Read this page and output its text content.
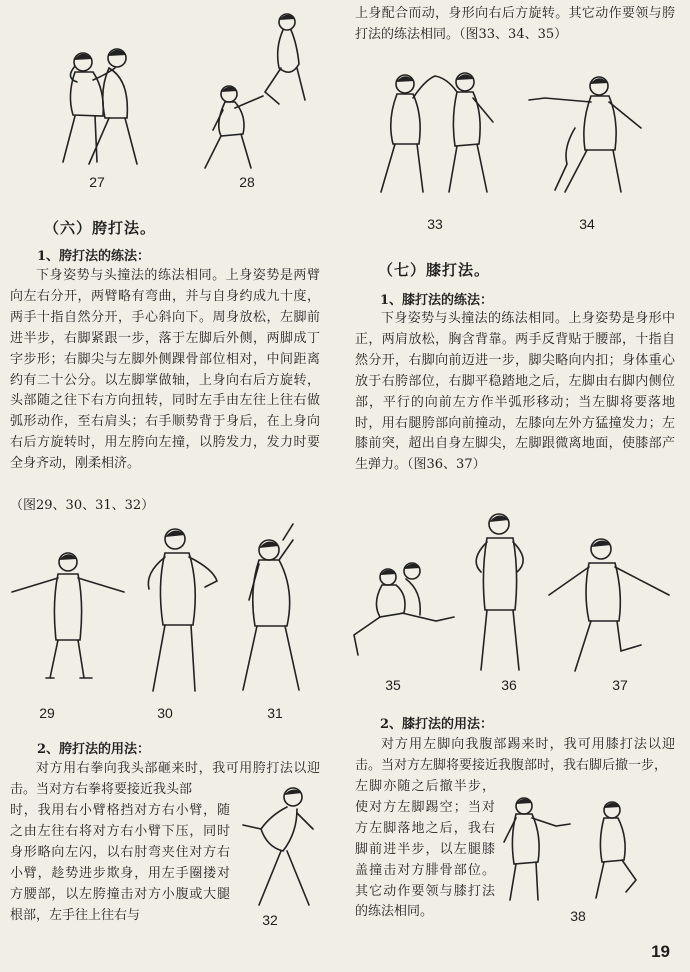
27	28
33	34
29	30	31
32
35	36	37
38
（六）胯打法。
1、胯打法的练法：

下身姿势与头撞法的练法相同。上身姿势是两臂向左右分开，两臂略有弯曲，并与自身约成九十度，两手十指自然分开，手心斜向下。周身放松，左脚前进半步，右脚紧跟一步，落于左脚后外侧，两脚成丁字步形；右脚尖与左脚外侧踝骨部位相对，中间距离约有二十公分。以左脚掌做轴，上身向右后方旋转，头部随之往下右方向扭转，同时左手由左往上往右做弧形动作，至右肩头；右手顺势背于身后，在上身向右后方旋转时，用左胯向左撞，以胯发力，发力时要全身齐动，刚柔相济。

（图29、30、31、32）
2、胯打法的用法：

对方用右拳向我头部砸来时，我可用胯打法以迎击。当对方右拳将要接近我头部

时，我用右小臂格挡对方右小臂，随之由左往右将对方右小臂下压，同时身形略向左闪，以右肘弯夹住对方右小臂，趁势进步欺身，用左手圈搂对方腰部，以左胯撞击对方小腹或大腿根部，左手往上往右与

上身配合而动，身形向右后方旋转。其它动作要领与胯打法的练法相同。（图33、34、35）

（七）膝打法。
1、膝打法的练法：

下身姿势与头撞法的练法相同。上身姿势是身形中正，两肩放松，胸含背靠。两手反背贴于腰部，十指自然分开，右脚向前迈进一步，脚尖略向内扣；身体重心放于右胯部位，右脚平稳踏地之后，左脚由右脚内侧位部，平行的向前左方作半弧形移动；当左脚将要落地时，用右腿胯部向前撞动，左膝向左外方猛撞发力；左膝前突，超出自身左脚尖，左脚跟微离地面，使膝部产生弹力。（图36、37）

2、膝打法的用法：

对方用左脚向我腹部踢来时，我可用膝打法以迎击。当对方左脚将要接近我腹部时，我右脚后撤一步，

左脚亦随之后撤半步，使对方左脚踢空；当对方左脚落地之后，我右脚前进半步，以左腿膝盖撞击对方腓骨部位。其它动作要领与膝打法的练法相同。

19
